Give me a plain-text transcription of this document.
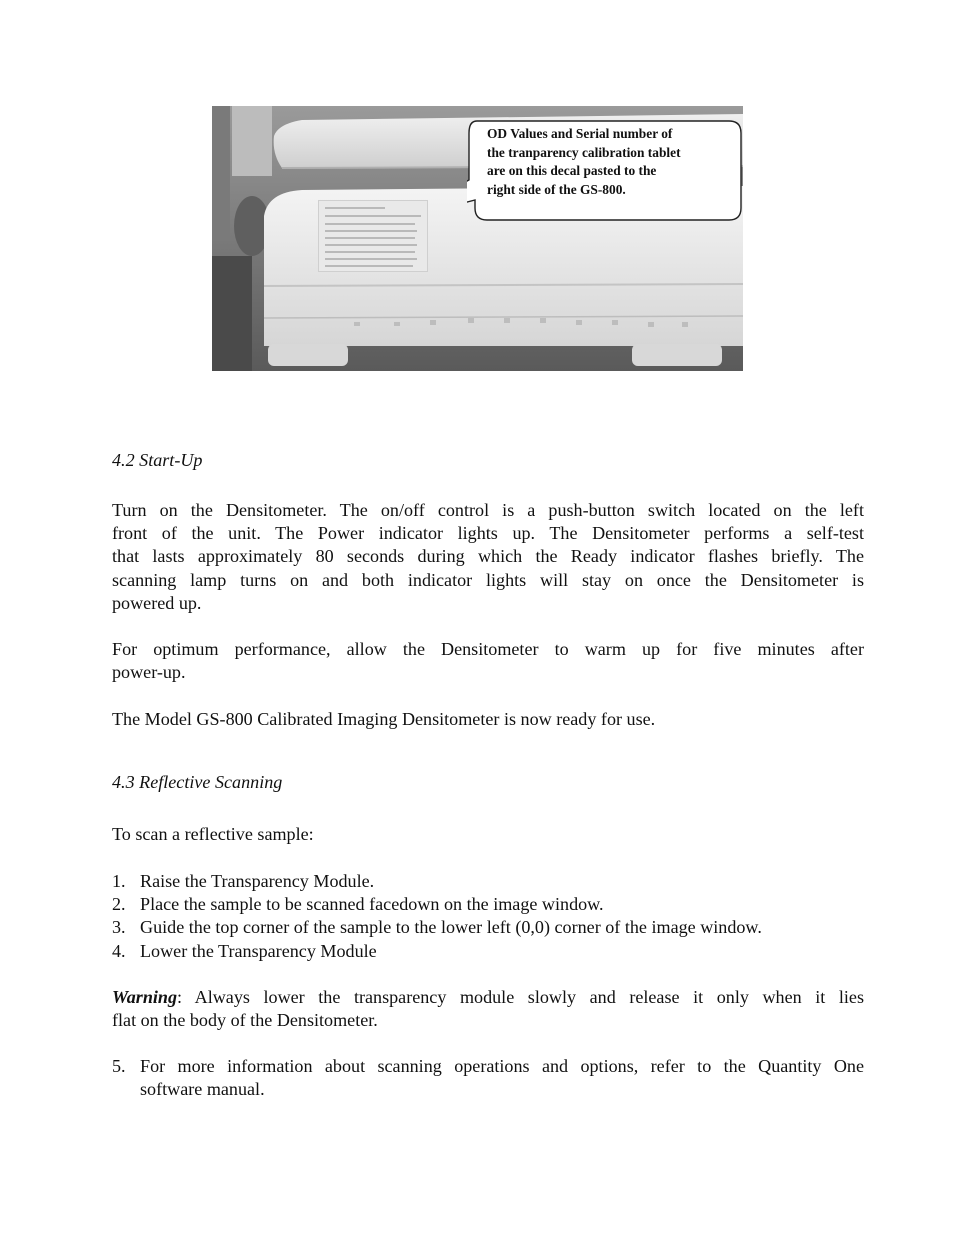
OD Values and Serial number of
the tranparency calibration tablet
are on this decal pasted to the
right side of the GS-800.
4.2 Start-Up
Turn on the Densitometer. The on/off control is a push-button switch located on the left
front of the unit. The Power indicator lights up. The Densitometer performs a self-test
that lasts approximately 80 seconds during which the Ready indicator flashes briefly. The
scanning lamp turns on and both indicator lights will stay on once the Densitometer is
powered up.
For optimum performance, allow the Densitometer to warm up for five minutes after
power-up.
The Model GS-800 Calibrated Imaging Densitometer is now ready for use.
4.3 Reflective Scanning
To scan a reflective sample:
1. Raise the Transparency Module.
2. Place the sample to be scanned facedown on the image window.
3. Guide the top corner of the sample to the lower left (0,0) corner of the image window.
4. Lower the Transparency Module
Warning: Always lower the transparency module slowly and release it only when it lies
flat on the body of the Densitometer.
5. For more information about scanning operations and options, refer to the Quantity One
software manual.
